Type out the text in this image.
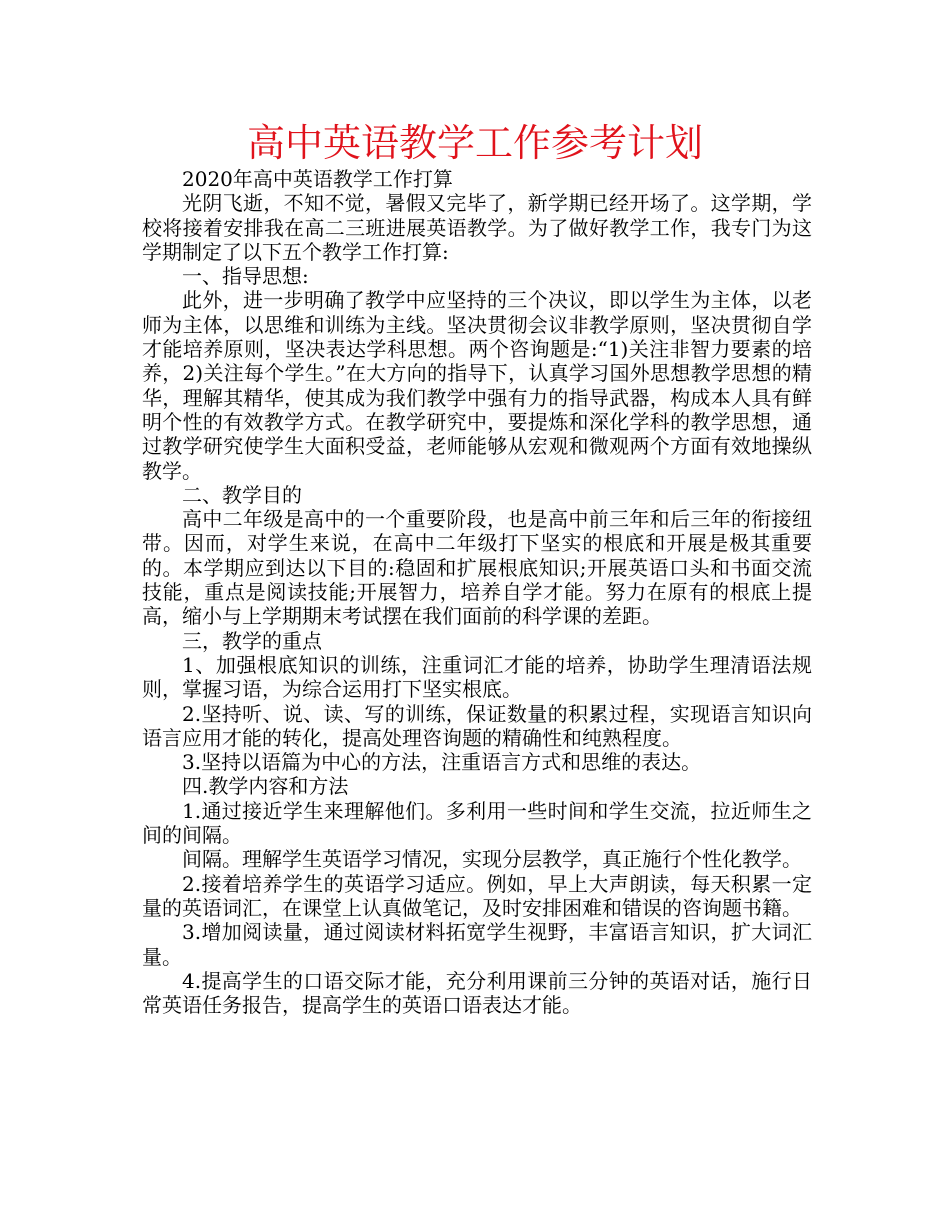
高中英语教学工作参考计划

2020年高中英语教学工作打算

光阴飞逝，不知不觉，暑假又完毕了，新学期已经开场了。这学期，学校将接着安排我在高二三班进展英语教学。为了做好教学工作，我专门为这学期制定了以下五个教学工作打算:

一、指导思想:

此外，进一步明确了教学中应坚持的三个决议，即以学生为主体，以老师为主体，以思维和训练为主线。坚决贯彻会议非教学原则，坚决贯彻自学才能培养原则，坚决表达学科思想。两个咨询题是:“1)关注非智力要素的培养，2)关注每个学生。”在大方向的指导下，认真学习国外思想教学思想的精华，理解其精华，使其成为我们教学中强有力的指导武器，构成本人具有鲜明个性的有效教学方式。在教学研究中，要提炼和深化学科的教学思想，通过教学研究使学生大面积受益，老师能够从宏观和微观两个方面有效地操纵教学。

二、教学目的

高中二年级是高中的一个重要阶段，也是高中前三年和后三年的衔接纽带。因而，对学生来说，在高中二年级打下坚实的根底和开展是极其重要的。本学期应到达以下目的:稳固和扩展根底知识;开展英语口头和书面交流技能，重点是阅读技能;开展智力，培养自学才能。努力在原有的根底上提高，缩小与上学期期末考试摆在我们面前的科学课的差距。

三，教学的重点

1、加强根底知识的训练，注重词汇才能的培养，协助学生理清语法规则，掌握习语，为综合运用打下坚实根底。

2.坚持听、说、读、写的训练，保证数量的积累过程，实现语言知识向语言应用才能的转化，提高处理咨询题的精确性和纯熟程度。

3.坚持以语篇为中心的方法，注重语言方式和思维的表达。

四.教学内容和方法

1.通过接近学生来理解他们。多利用一些时间和学生交流，拉近师生之间的间隔。

间隔。理解学生英语学习情况，实现分层教学，真正施行个性化教学。

2.接着培养学生的英语学习适应。例如，早上大声朗读，每天积累一定量的英语词汇，在课堂上认真做笔记，及时安排困难和错误的咨询题书籍。

3.增加阅读量，通过阅读材料拓宽学生视野，丰富语言知识，扩大词汇量。

4.提高学生的口语交际才能，充分利用课前三分钟的英语对话，施行日常英语任务报告，提高学生的英语口语表达才能。
